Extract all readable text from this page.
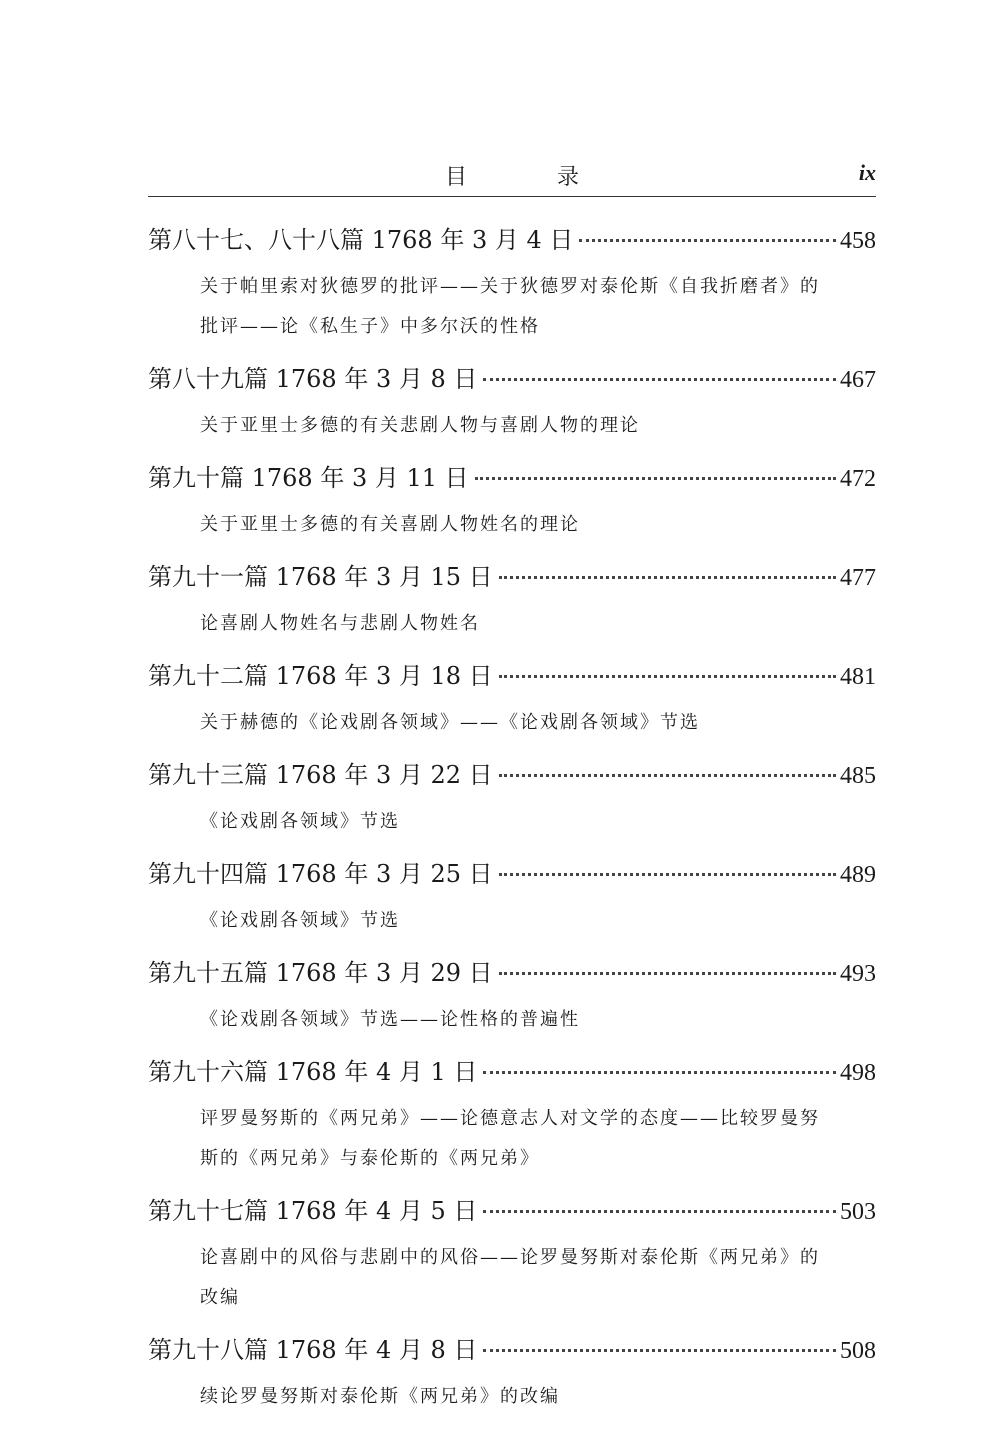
目　录	ix
第八十七、八十八篇 1768 年 3 月 4 日	458
关于帕里索对狄德罗的批评——关于狄德罗对泰伦斯《自我折磨者》的批评——论《私生子》中多尔沃的性格
第八十九篇 1768 年 3 月 8 日	467
关于亚里士多德的有关悲剧人物与喜剧人物的理论
第九十篇 1768 年 3 月 11 日	472
关于亚里士多德的有关喜剧人物姓名的理论
第九十一篇 1768 年 3 月 15 日	477
论喜剧人物姓名与悲剧人物姓名
第九十二篇 1768 年 3 月 18 日	481
关于赫德的《论戏剧各领域》——《论戏剧各领域》节选
第九十三篇 1768 年 3 月 22 日	485
《论戏剧各领域》节选
第九十四篇 1768 年 3 月 25 日	489
《论戏剧各领域》节选
第九十五篇 1768 年 3 月 29 日	493
《论戏剧各领域》节选——论性格的普遍性
第九十六篇 1768 年 4 月 1 日	498
评罗曼努斯的《两兄弟》——论德意志人对文学的态度——比较罗曼努斯的《两兄弟》与泰伦斯的《两兄弟》
第九十七篇 1768 年 4 月 5 日	503
论喜剧中的风俗与悲剧中的风俗——论罗曼努斯对泰伦斯《两兄弟》的改编
第九十八篇 1768 年 4 月 8 日	508
续论罗曼努斯对泰伦斯《两兄弟》的改编
